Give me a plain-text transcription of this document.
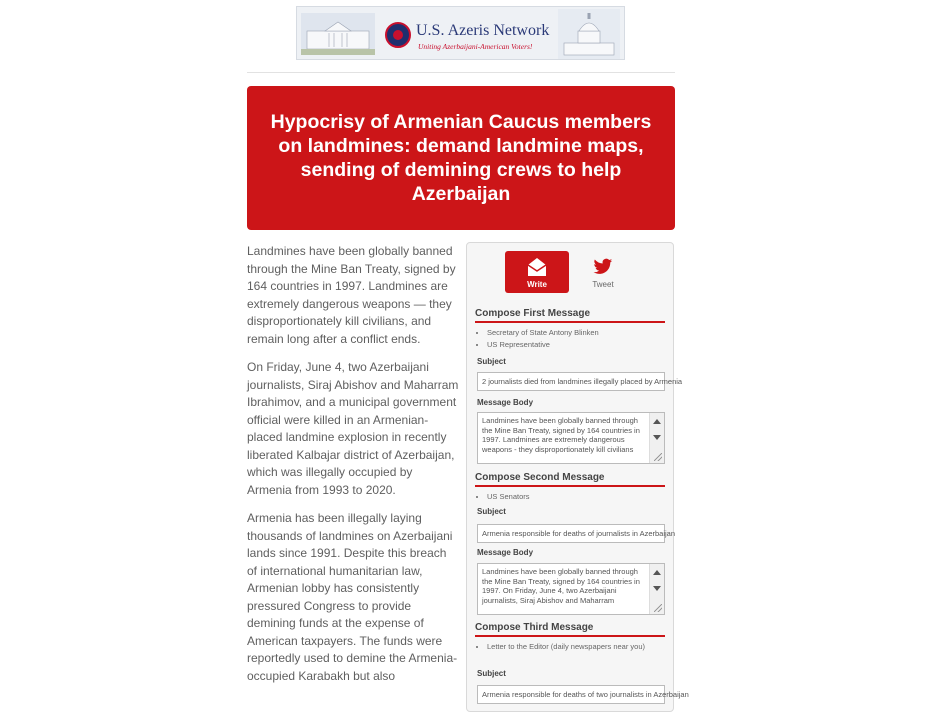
U.S. Azeris Network
Uniting Azerbaijani-American Voters!
Hypocrisy of Armenian Caucus members on landmines: demand landmine maps, sending of demining crews to help Azerbaijan

Landmines have been globally banned through the Mine Ban Treaty, signed by 164 countries in 1997. Landmines are extremely dangerous weapons — they disproportionately kill civilians, and remain long after a conflict ends.

On Friday, June 4, two Azerbaijani journalists, Siraj Abishov and Maharram Ibrahimov, and a municipal government official were killed in an Armenian-placed landmine explosion in recently liberated Kalbajar district of Azerbaijan, which was illegally occupied by Armenia from 1993 to 2020.

Armenia has been illegally laying thousands of landmines on Azerbaijani lands since 1991. Despite this breach of international humanitarian law, Armenian lobby has consistently pressured Congress to provide demining funds at the expense of American taxpayers. The funds were reportedly used to demine the Armenia-occupied Karabakh but also

Write	Tweet
Compose First Message
• Secretary of State Antony Blinken
• US Representative
Subject
2 journalists died from landmines illegally placed by Armenia
Message Body
Landmines have been globally banned through the Mine Ban Treaty, signed by 164 countries in 1997. Landmines are extremely dangerous weapons - they disproportionately kill civilians
Compose Second Message
• US Senators
Subject
Armenia responsible for deaths of journalists in Azerbaijan
Message Body
Landmines have been globally banned through the Mine Ban Treaty, signed by 164 countries in 1997. On Friday, June 4, two Azerbaijani journalists, Siraj Abishov and Maharram
Compose Third Message
• Letter to the Editor (daily newspapers near you)
Subject
Armenia responsible for deaths of two journalists in Azerbaijan
